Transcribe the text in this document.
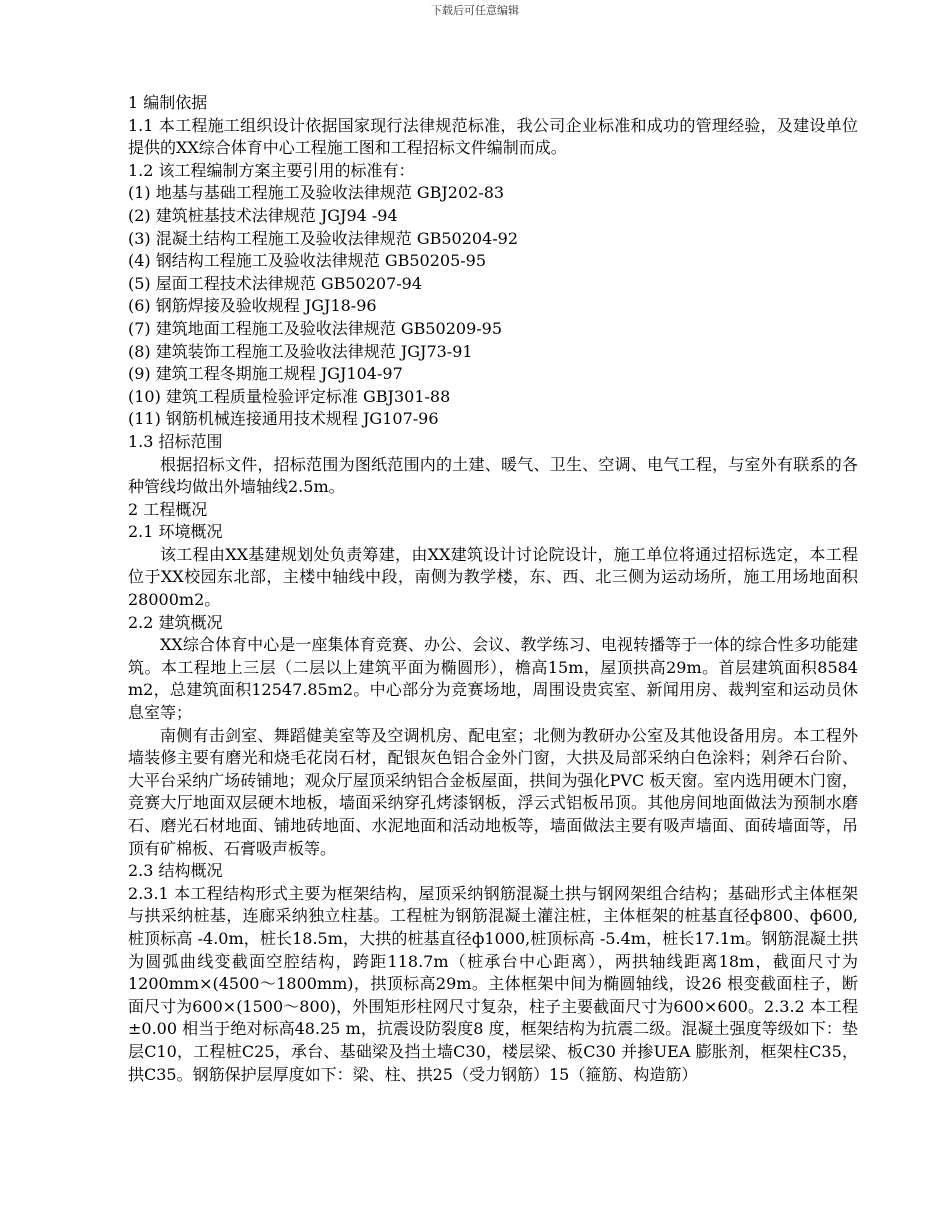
下载后可任意编辑

1 编制依据

1.1 本工程施工组织设计依据国家现行法律规范标准，我公司企业标准和成功的管理经验，及建设单位提供的XX综合体育中心工程施工图和工程招标文件编制而成。

1.2 该工程编制方案主要引用的标准有：

(1) 地基与基础工程施工及验收法律规范 GBJ202-83

(2) 建筑桩基技术法律规范 JGJ94 -94

(3) 混凝土结构工程施工及验收法律规范 GB50204-92

(4) 钢结构工程施工及验收法律规范 GB50205-95

(5) 屋面工程技术法律规范 GB50207-94

(6) 钢筋焊接及验收规程 JGJ18-96

(7) 建筑地面工程施工及验收法律规范 GB50209-95

(8) 建筑装饰工程施工及验收法律规范 JGJ73-91

(9) 建筑工程冬期施工规程 JGJ104-97

(10) 建筑工程质量检验评定标准 GBJ301-88

(11) 钢筋机械连接通用技术规程 JG107-96

1.3 招标范围

根据招标文件，招标范围为图纸范围内的土建、暖气、卫生、空调、电气工程，与室外有联系的各种管线均做出外墙轴线2.5m。

2 工程概况

2.1 环境概况

该工程由XX基建规划处负责筹建，由XX建筑设计讨论院设计，施工单位将通过招标选定，本工程位于XX校园东北部，主楼中轴线中段，南侧为教学楼，东、西、北三侧为运动场所，施工用场地面积28000m2。

2.2 建筑概况

XX综合体育中心是一座集体育竞赛、办公、会议、教学练习、电视转播等于一体的综合性多功能建筑。本工程地上三层（二层以上建筑平面为椭圆形），檐高15m，屋顶拱高29m。首层建筑面积8584 m2，总建筑面积12547.85m2。中心部分为竞赛场地，周围设贵宾室、新闻用房、裁判室和运动员休息室等；

南侧有击剑室、舞蹈健美室等及空调机房、配电室；北侧为教研办公室及其他设备用房。本工程外墙装修主要有磨光和烧毛花岗石材，配银灰色铝合金外门窗，大拱及局部采纳白色涂料；剁斧石台阶、大平台采纳广场砖铺地；观众厅屋顶采纳铝合金板屋面，拱间为强化PVC 板天窗。室内选用硬木门窗，竞赛大厅地面双层硬木地板，墙面采纳穿孔烤漆钢板，浮云式铝板吊顶。其他房间地面做法为预制水磨石、磨光石材地面、铺地砖地面、水泥地面和活动地板等，墙面做法主要有吸声墙面、面砖墙面等，吊顶有矿棉板、石膏吸声板等。

2.3 结构概况

2.3.1 本工程结构形式主要为框架结构，屋顶采纳钢筋混凝土拱与钢网架组合结构；基础形式主体框架与拱采纳桩基，连廊采纳独立柱基。工程桩为钢筋混凝土灌注桩，主体框架的桩基直径ф800、ф600,桩顶标高 -4.0m，桩长18.5m，大拱的桩基直径ф1000,桩顶标高 -5.4m，桩长17.1m。钢筋混凝土拱为圆弧曲线变截面空腔结构，跨距118.7m（桩承台中心距离），两拱轴线距离18m，截面尺寸为1200mm×(4500～1800mm)，拱顶标高29m。主体框架中间为椭圆轴线，设26 根变截面柱子，断面尺寸为600×(1500～800)，外围矩形柱网尺寸复杂，柱子主要截面尺寸为600×600。2.3.2 本工程±0.00 相当于绝对标高48.25 m，抗震设防裂度8 度，框架结构为抗震二级。混凝土强度等级如下：垫层C10，工程桩C25，承台、基础梁及挡土墙C30，楼层梁、板C30 并掺UEA 膨胀剂，框架柱C35，拱C35。钢筋保护层厚度如下：梁、柱、拱25（受力钢筋）15（箍筋、构造筋）
